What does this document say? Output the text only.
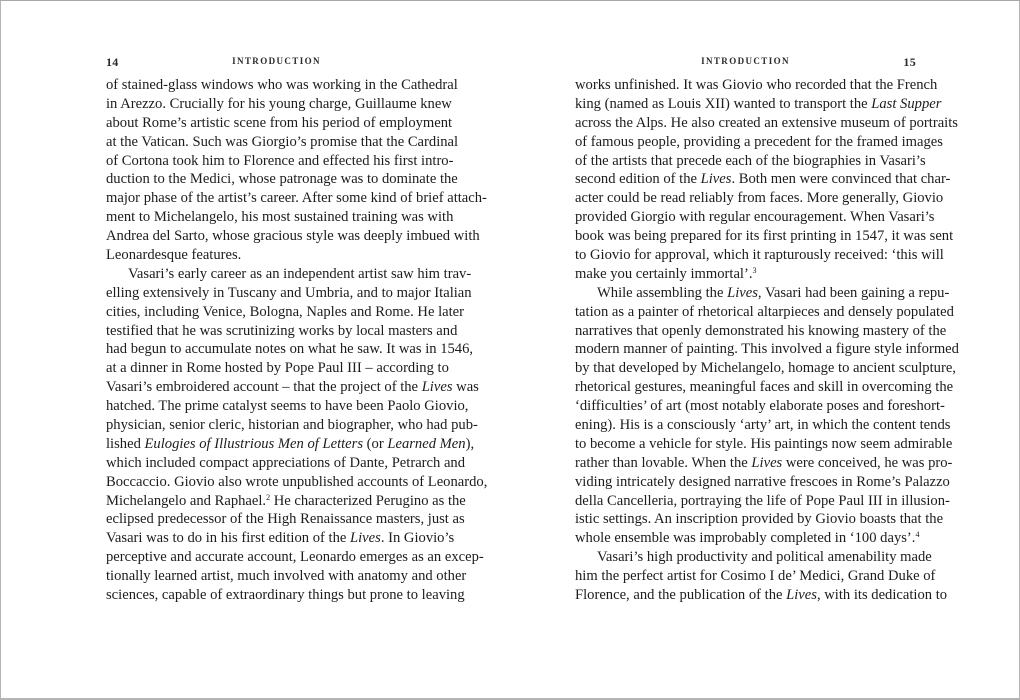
14	INTRODUCTION
of stained-glass windows who was working in the Cathedral
in Arezzo. Crucially for his young charge, Guillaume knew
about Rome’s artistic scene from his period of employment
at the Vatican. Such was Giorgio’s promise that the Cardinal
of Cortona took him to Florence and effected his first intro-
duction to the Medici, whose patronage was to dominate the
major phase of the artist’s career. After some kind of brief attach-
ment to Michelangelo, his most sustained training was with
Andrea del Sarto, whose gracious style was deeply imbued with
Leonardesque features.
Vasari’s early career as an independent artist saw him trav-
elling extensively in Tuscany and Umbria, and to major Italian
cities, including Venice, Bologna, Naples and Rome. He later
testified that he was scrutinizing works by local masters and
had begun to accumulate notes on what he saw. It was in 1546,
at a dinner in Rome hosted by Pope Paul III – according to
Vasari’s embroidered account – that the project of the Lives was
hatched. The prime catalyst seems to have been Paolo Giovio,
physician, senior cleric, historian and biographer, who had pub-
lished Eulogies of Illustrious Men of Letters (or Learned Men),
which included compact appreciations of Dante, Petrarch and
Boccaccio. Giovio also wrote unpublished accounts of Leonardo,
Michelangelo and Raphael.$^2$ He characterized Perugino as the
eclipsed predecessor of the High Renaissance masters, just as
Vasari was to do in his first edition of the Lives. In Giovio’s
perceptive and accurate account, Leonardo emerges as an excep-
tionally learned artist, much involved with anatomy and other
sciences, capable of extraordinary things but prone to leaving
INTRODUCTION	15
works unfinished. It was Giovio who recorded that the French
king (named as Louis XII) wanted to transport the Last Supper
across the Alps. He also created an extensive museum of portraits
of famous people, providing a precedent for the framed images
of the artists that precede each of the biographies in Vasari’s
second edition of the Lives. Both men were convinced that char-
acter could be read reliably from faces. More generally, Giovio
provided Giorgio with regular encouragement. When Vasari’s
book was being prepared for its first printing in 1547, it was sent
to Giovio for approval, which it rapturously received: ‘this will
make you certainly immortal’.$^3$
While assembling the Lives, Vasari had been gaining a repu-
tation as a painter of rhetorical altarpieces and densely populated
narratives that openly demonstrated his knowing mastery of the
modern manner of painting. This involved a figure style informed
by that developed by Michelangelo, homage to ancient sculpture,
rhetorical gestures, meaningful faces and skill in overcoming the
‘difficulties’ of art (most notably elaborate poses and foreshort-
ening). His is a consciously ‘arty’ art, in which the content tends
to become a vehicle for style. His paintings now seem admirable
rather than lovable. When the Lives were conceived, he was pro-
viding intricately designed narrative frescoes in Rome’s Palazzo
della Cancelleria, portraying the life of Pope Paul III in illusion-
istic settings. An inscription provided by Giovio boasts that the
whole ensemble was improbably completed in ‘100 days’.$^4$
Vasari’s high productivity and political amenability made
him the perfect artist for Cosimo I de’ Medici, Grand Duke of
Florence, and the publication of the Lives, with its dedication to
